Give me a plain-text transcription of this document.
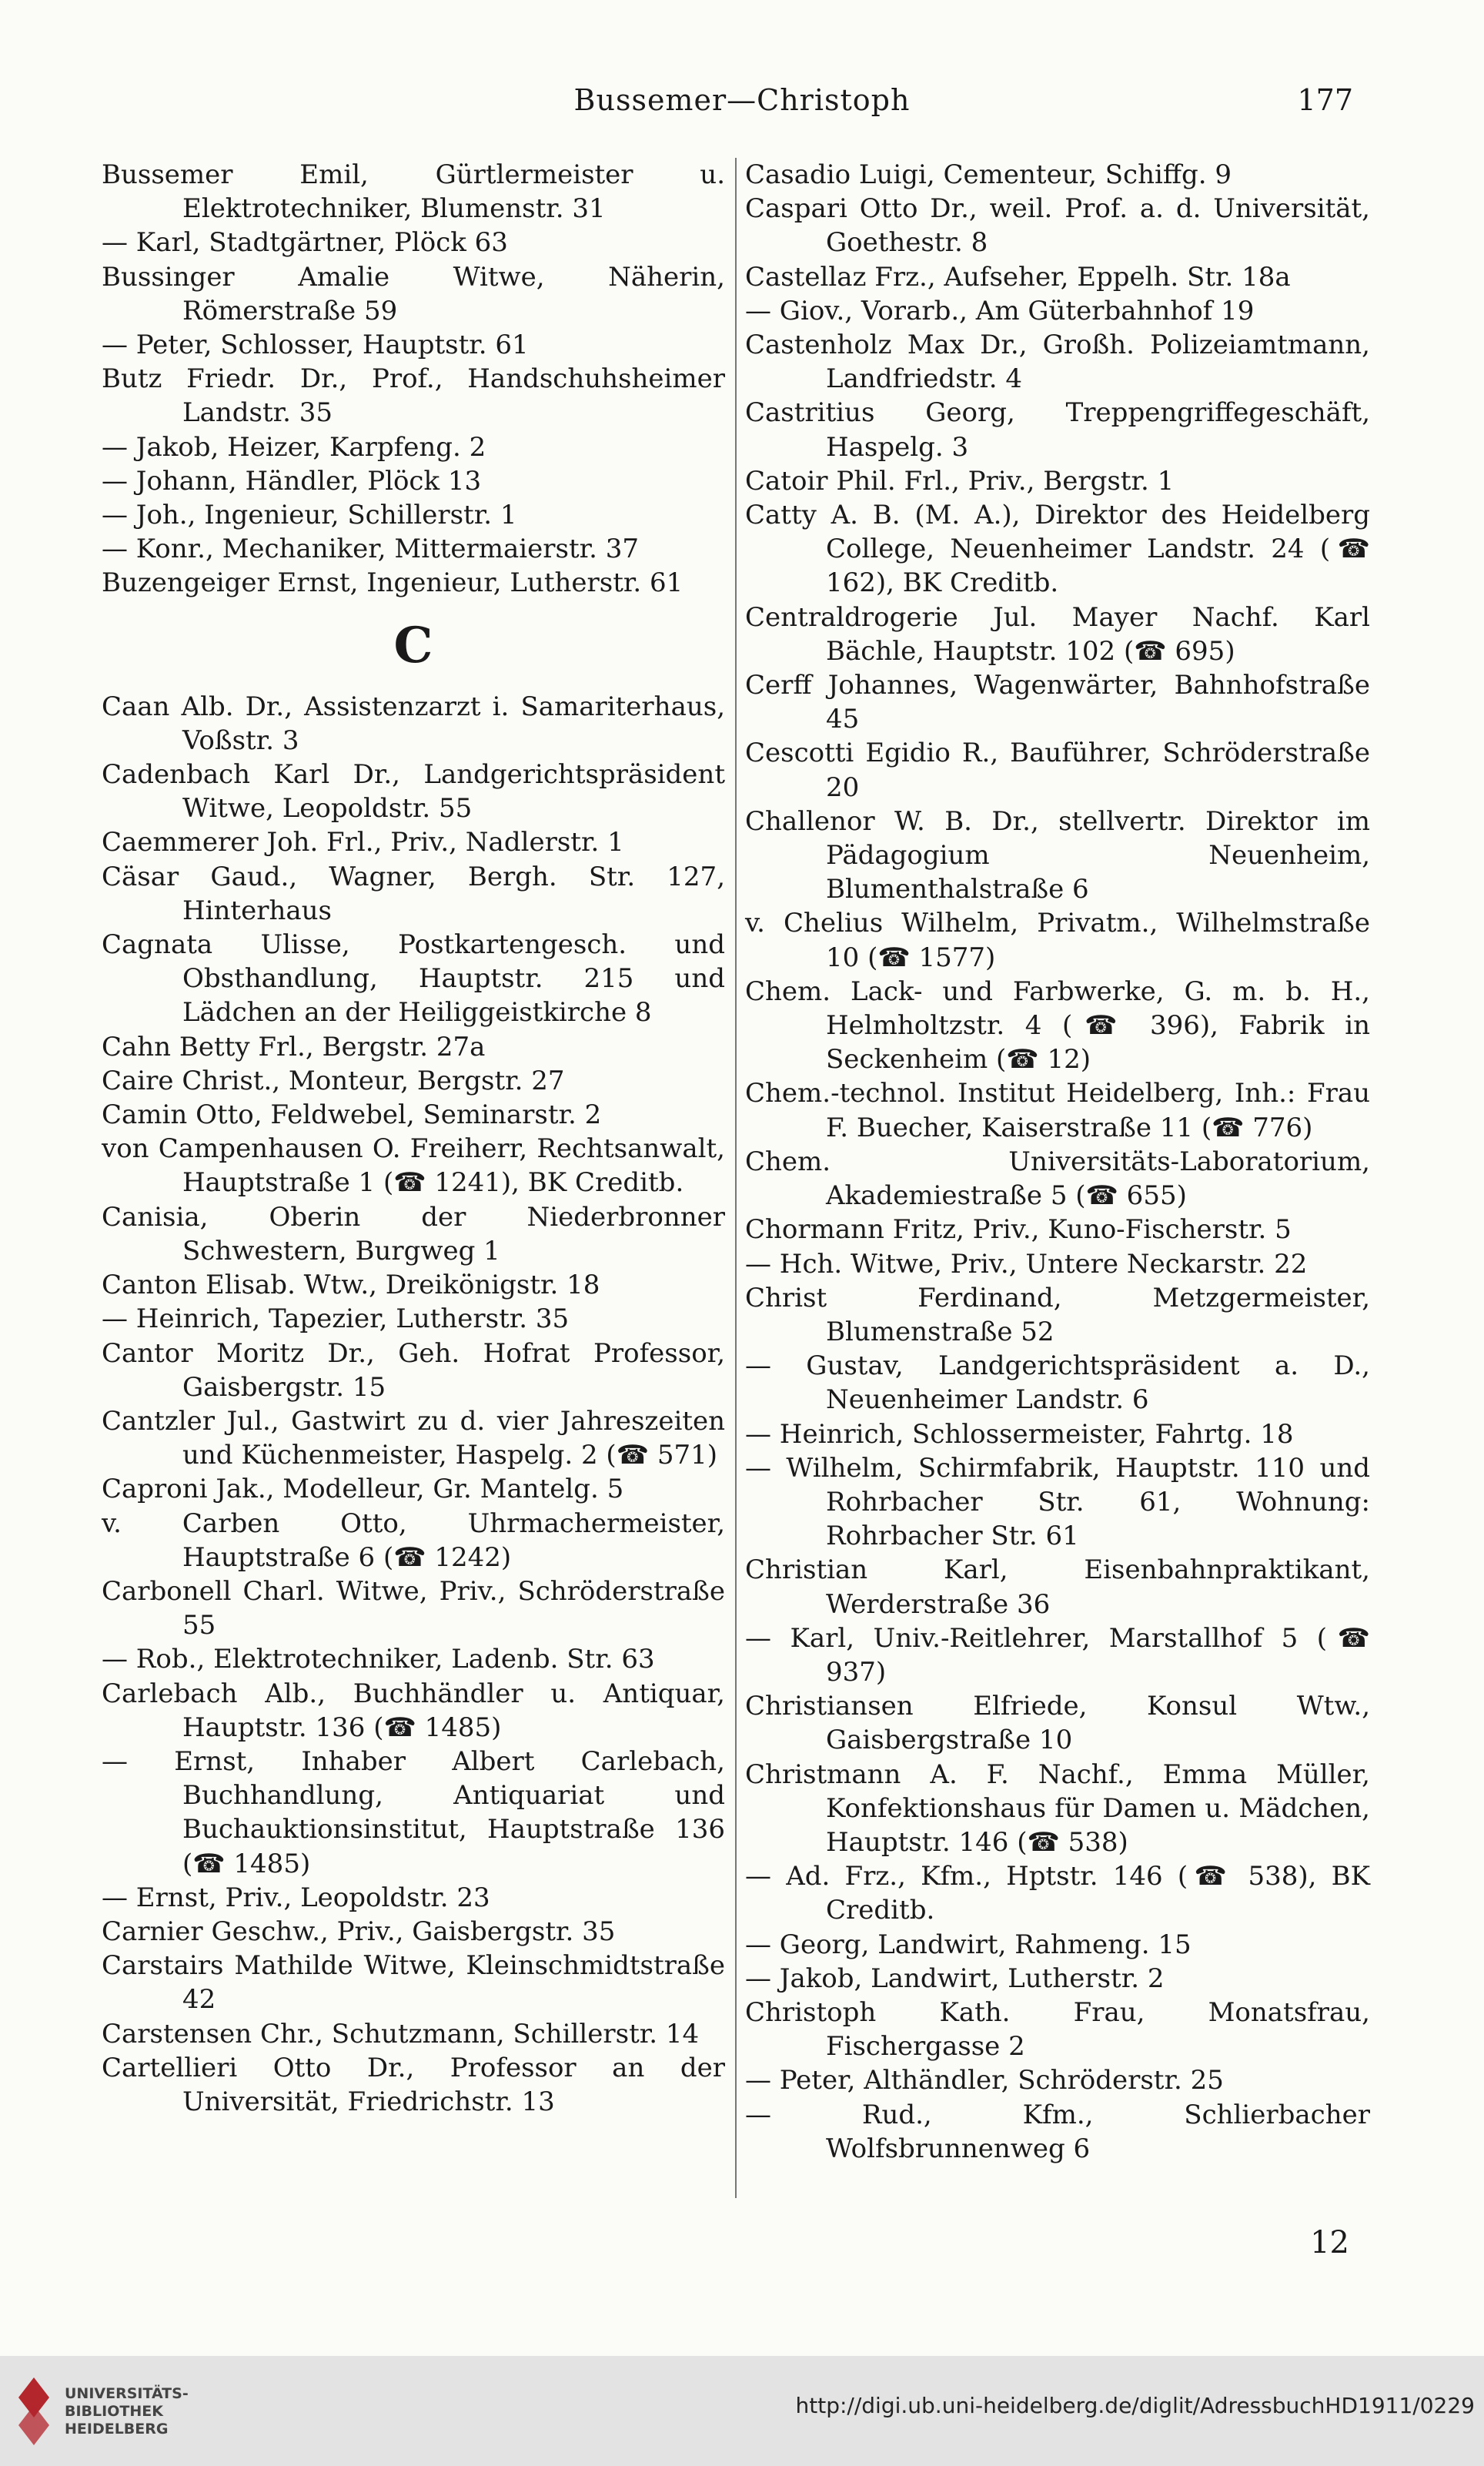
Bussemer—Christoph	177

Bussemer Emil, Gürtlermeister u. Elektrotechniker, Blumenstr. 31

— Karl, Stadtgärtner, Plöck 63

Bussinger Amalie Witwe, Näherin, Römerstraße 59

— Peter, Schlosser, Hauptstr. 61

Butz Friedr. Dr., Prof., Handschuhsheimer Landstr. 35

— Jakob, Heizer, Karpfeng. 2

— Johann, Händler, Plöck 13

— Joh., Ingenieur, Schillerstr. 1

— Konr., Mechaniker, Mittermaierstr. 37

Buzengeiger Ernst, Ingenieur, Lutherstr. 61

C

Caan Alb. Dr., Assistenzarzt i. Samariterhaus, Voßstr. 3

Cadenbach Karl Dr., Landgerichtspräsident Witwe, Leopoldstr. 55

Caemmerer Joh. Frl., Priv., Nadlerstr. 1

Cäsar Gaud., Wagner, Bergh. Str. 127, Hinterhaus

Cagnata Ulisse, Postkartengesch. und Obsthandlung, Hauptstr. 215 und Lädchen an der Heiliggeistkirche 8

Cahn Betty Frl., Bergstr. 27a

Caire Christ., Monteur, Bergstr. 27

Camin Otto, Feldwebel, Seminarstr. 2

von Campenhausen O. Freiherr, Rechtsanwalt, Hauptstraße 1 (☎ 1241), BK Creditb.

Canisia, Oberin der Niederbronner Schwestern, Burgweg 1

Canton Elisab. Wtw., Dreikönigstr. 18

— Heinrich, Tapezier, Lutherstr. 35

Cantor Moritz Dr., Geh. Hofrat Professor, Gaisbergstr. 15

Cantzler Jul., Gastwirt zu d. vier Jahreszeiten und Küchenmeister, Haspelg. 2 (☎ 571)

Caproni Jak., Modelleur, Gr. Mantelg. 5

v. Carben Otto, Uhrmachermeister, Hauptstraße 6 (☎ 1242)

Carbonell Charl. Witwe, Priv., Schröderstraße 55

— Rob., Elektrotechniker, Ladenb. Str. 63

Carlebach Alb., Buchhändler u. Antiquar, Hauptstr. 136 (☎ 1485)

— Ernst, Inhaber Albert Carlebach, Buchhandlung, Antiquariat und Buchauktionsinstitut, Hauptstraße 136 (☎ 1485)

— Ernst, Priv., Leopoldstr. 23

Carnier Geschw., Priv., Gaisbergstr. 35

Carstairs Mathilde Witwe, Kleinschmidtstraße 42

Carstensen Chr., Schutzmann, Schillerstr. 14

Cartellieri Otto Dr., Professor an der Universität, Friedrichstr. 13

Casadio Luigi, Cementeur, Schiffg. 9

Caspari Otto Dr., weil. Prof. a. d. Universität, Goethestr. 8

Castellaz Frz., Aufseher, Eppelh. Str. 18a

— Giov., Vorarb., Am Güterbahnhof 19

Castenholz Max Dr., Großh. Polizeiamtmann, Landfriedstr. 4

Castritius Georg, Treppengriffegeschäft, Haspelg. 3

Catoir Phil. Frl., Priv., Bergstr. 1

Catty A. B. (M. A.), Direktor des Heidelberg College, Neuenheimer Landstr. 24 (☎ 162), BK Creditb.

Centraldrogerie Jul. Mayer Nachf. Karl Bächle, Hauptstr. 102 (☎ 695)

Cerff Johannes, Wagenwärter, Bahnhofstraße 45

Cescotti Egidio R., Bauführer, Schröderstraße 20

Challenor W. B. Dr., stellvertr. Direktor im Pädagogium Neuenheim, Blumenthalstraße 6

v. Chelius Wilhelm, Privatm., Wilhelmstraße 10 (☎ 1577)

Chem. Lack- und Farbwerke, G. m. b. H., Helmholtzstr. 4 (☎ 396), Fabrik in Seckenheim (☎ 12)

Chem.-technol. Institut Heidelberg, Inh.: Frau F. Buecher, Kaiserstraße 11 (☎ 776)

Chem. Universitäts-Laboratorium, Akademiestraße 5 (☎ 655)

Chormann Fritz, Priv., Kuno-Fischerstr. 5

— Hch. Witwe, Priv., Untere Neckarstr. 22

Christ Ferdinand, Metzgermeister, Blumenstraße 52

— Gustav, Landgerichtspräsident a. D., Neuenheimer Landstr. 6

— Heinrich, Schlossermeister, Fahrtg. 18

— Wilhelm, Schirmfabrik, Hauptstr. 110 und Rohrbacher Str. 61, Wohnung: Rohrbacher Str. 61

Christian Karl, Eisenbahnpraktikant, Werderstraße 36

— Karl, Univ.-Reitlehrer, Marstallhof 5 (☎ 937)

Christiansen Elfriede, Konsul Wtw., Gaisbergstraße 10

Christmann A. F. Nachf., Emma Müller, Konfektionshaus für Damen u. Mädchen, Hauptstr. 146 (☎ 538)

— Ad. Frz., Kfm., Hptstr. 146 (☎ 538), BK Creditb.

— Georg, Landwirt, Rahmeng. 15

— Jakob, Landwirt, Lutherstr. 2

Christoph Kath. Frau, Monatsfrau, Fischergasse 2

— Peter, Althändler, Schröderstr. 25

— Rud., Kfm., Schlierbacher Wolfsbrunnenweg 6

12
UNIVERSITÄTS-
BIBLIOTHEK
HEIDELBERG
http://digi.ub.uni-heidelberg.de/diglit/AdressbuchHD1911/0229
